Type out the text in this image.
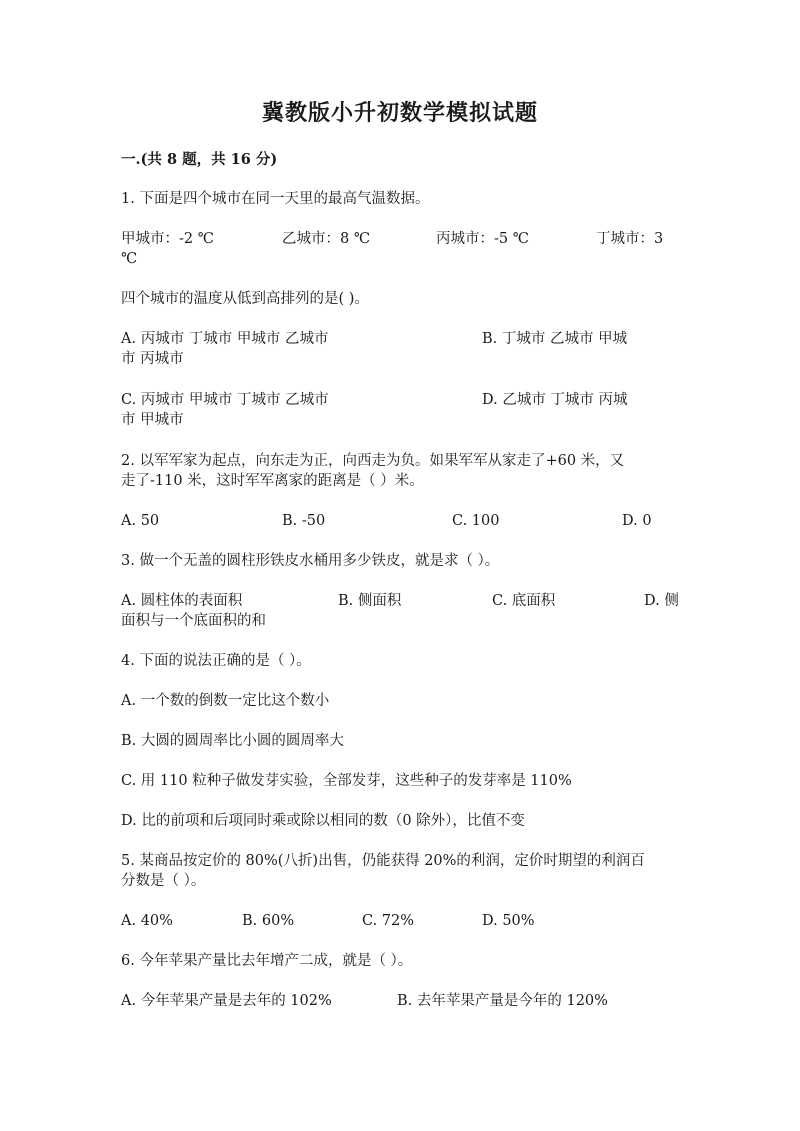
冀教版小升初数学模拟试题
一.(共 8 题，共 16 分)
1. 下面是四个城市在同一天里的最高气温数据。
甲城市：-2 ℃	乙城市：8 ℃	丙城市：-5 ℃	丁城市：3
℃
四个城市的温度从低到高排列的是( )。
A. 丙城市 丁城市 甲城市 乙城市	B. 丁城市 乙城市 甲城
市 丙城市
C. 丙城市 甲城市 丁城市 乙城市	D. 乙城市 丁城市 丙城
市 甲城市
2. 以军军家为起点，向东走为正，向西走为负。如果军军从家走了+60 米，又
走了-110 米，这时军军离家的距离是（ ）米。
A. 50	B. -50	C. 100	D. 0
3. 做一个无盖的圆柱形铁皮水桶用多少铁皮，就是求（ ）。
A. 圆柱体的表面积	B. 侧面积	C. 底面积	D. 侧
面积与一个底面积的和
4. 下面的说法正确的是（ ）。
A. 一个数的倒数一定比这个数小
B. 大圆的圆周率比小圆的圆周率大
C. 用 110 粒种子做发芽实验，全部发芽，这些种子的发芽率是 110%
D. 比的前项和后项同时乘或除以相同的数（0 除外），比值不变
5. 某商品按定价的 80%(八折)出售，仍能获得 20%的利润，定价时期望的利润百
分数是（ ）。
A. 40%	B. 60%	C. 72%	D. 50%
6. 今年苹果产量比去年增产二成，就是（ ）。
A. 今年苹果产量是去年的 102%	B. 去年苹果产量是今年的 120%
